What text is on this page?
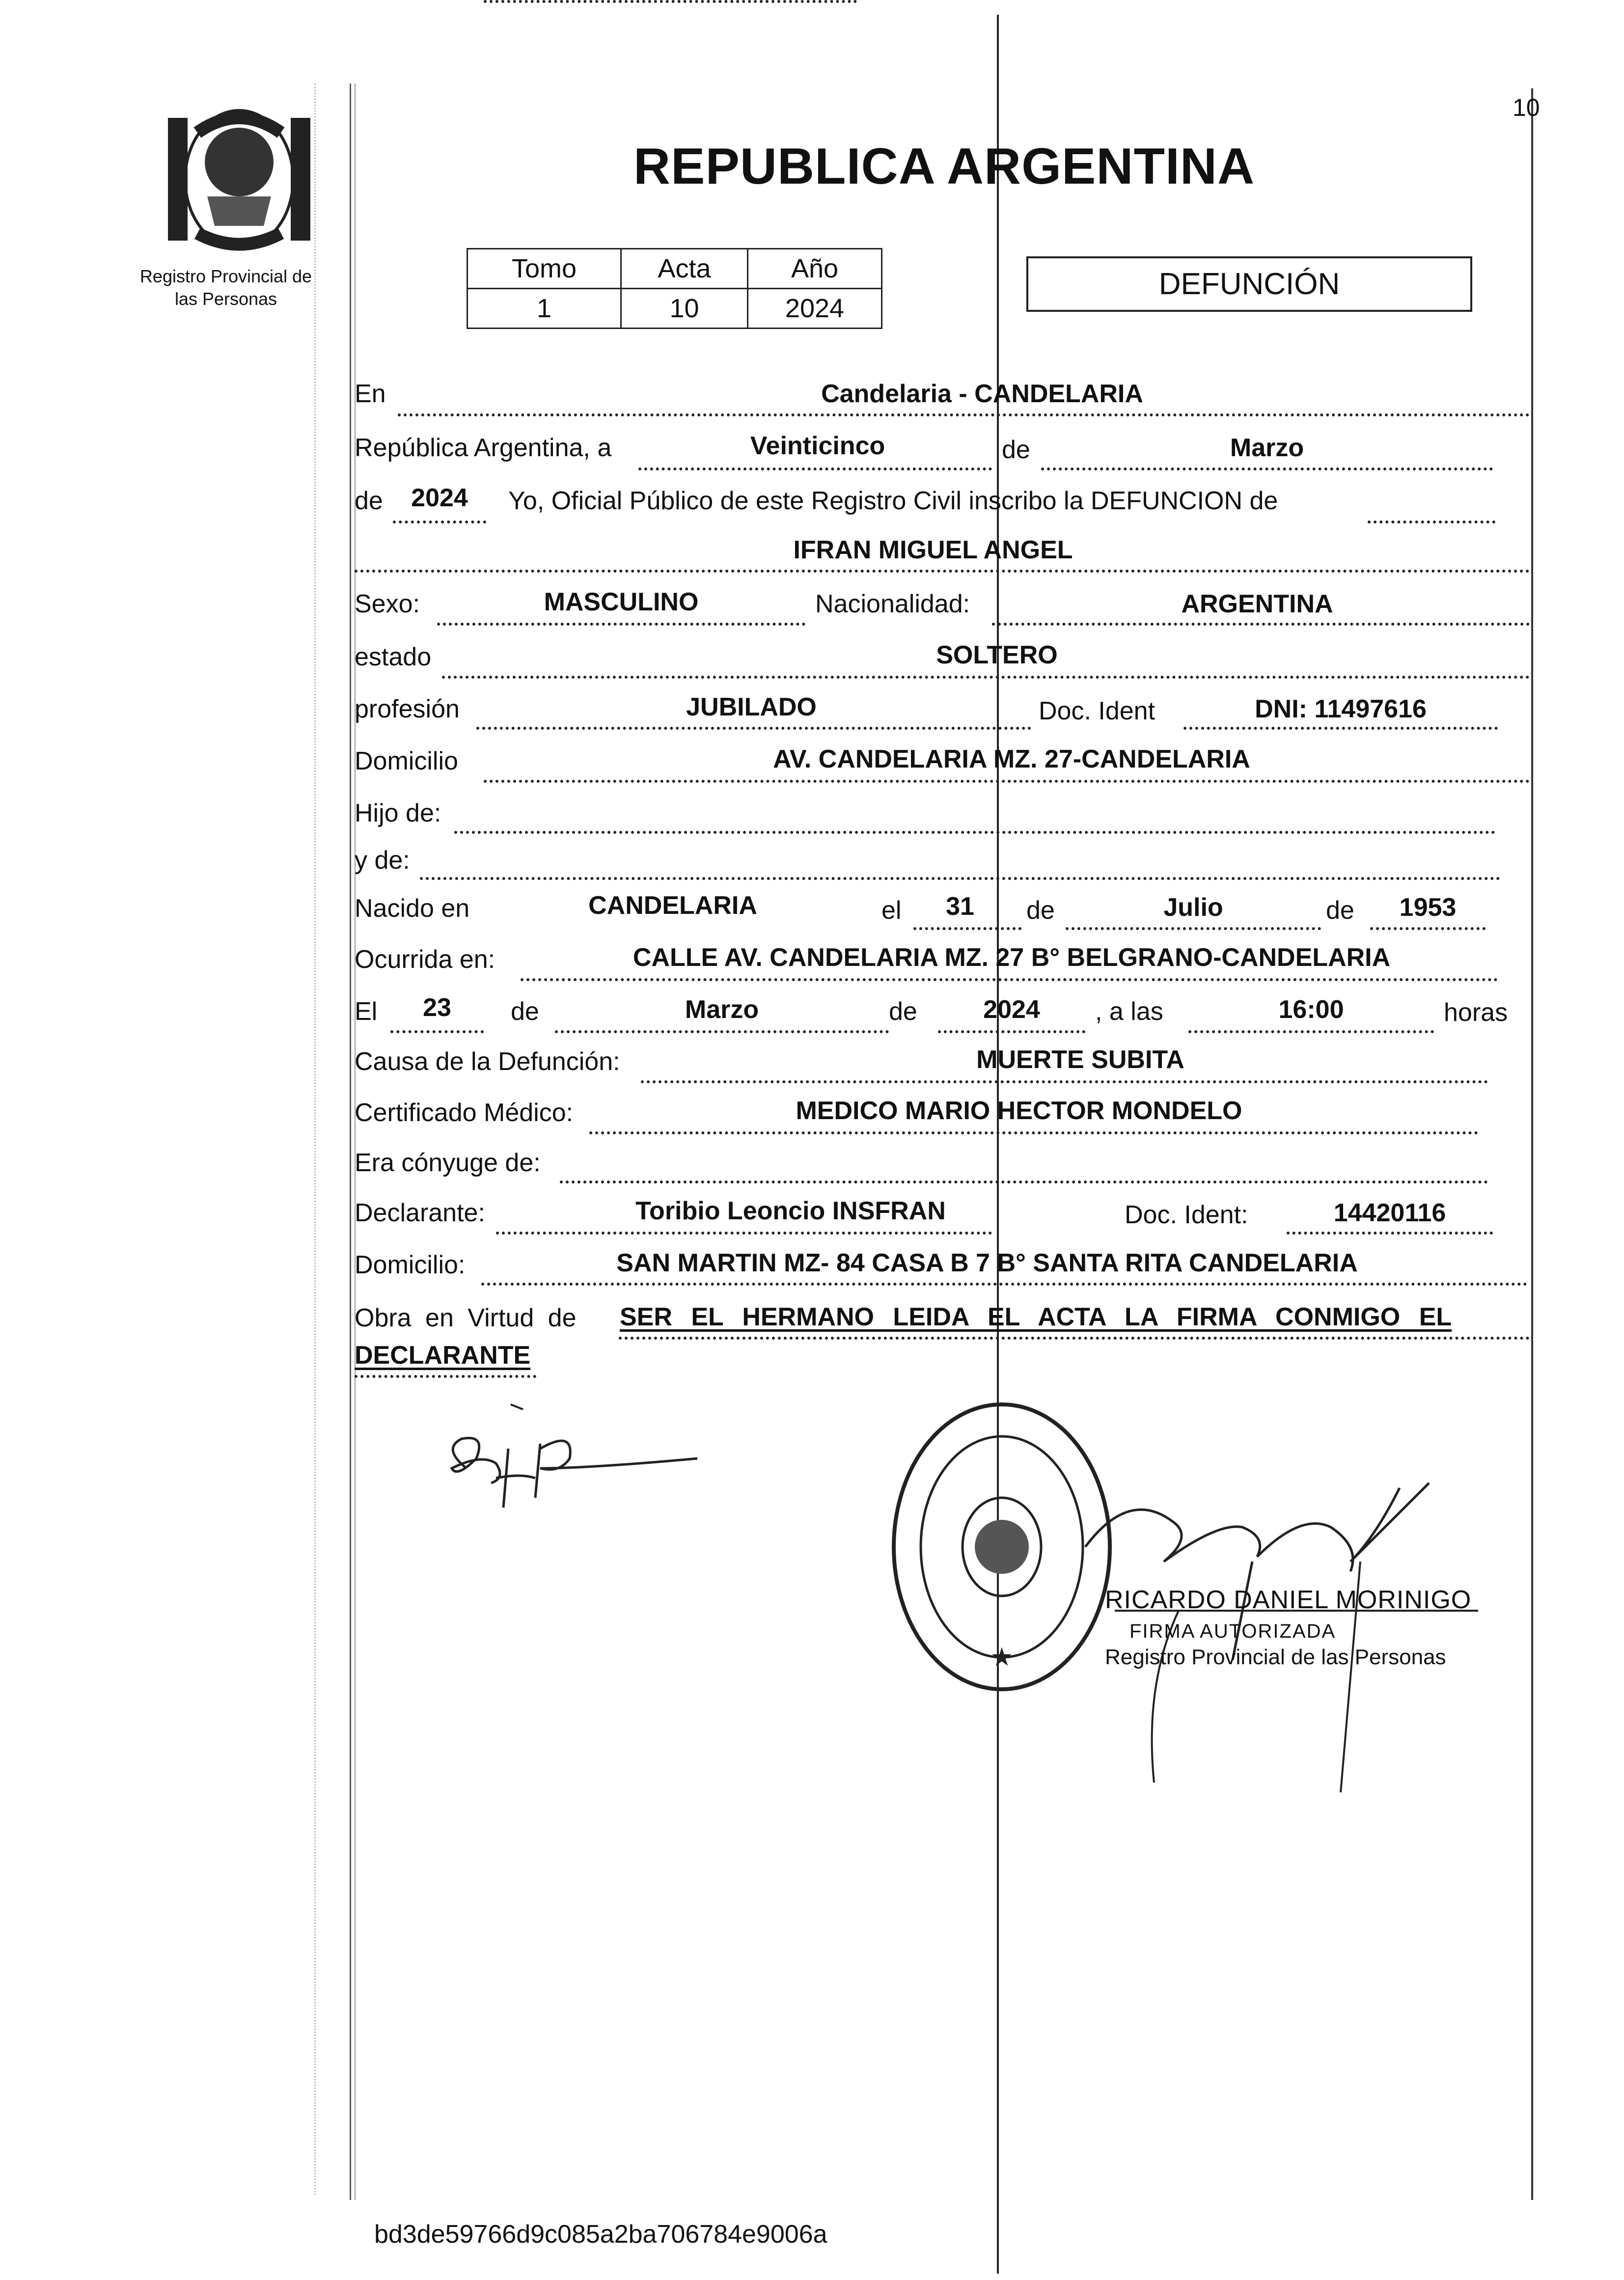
10
Registro Provincial de
las Personas
REPUBLICA ARGENTINA
Tomo	Acta	Año
1	10	2024
DEFUNCIÓN
En	Candelaria - CANDELARIA
República Argentina, a	Veinticinco	de	Marzo
de	2024	Yo, Oficial Público de este Registro Civil inscribo la DEFUNCION de
IFRAN MIGUEL ANGEL
Sexo:	MASCULINO	Nacionalidad:	ARGENTINA
estado	SOLTERO
profesión	JUBILADO	Doc. Ident	DNI: 11497616
Domicilio	AV. CANDELARIA MZ. 27-CANDELARIA
Hijo de:
y de:
Nacido en	CANDELARIA	el	31	de	Julio	de	1953
Ocurrida en:	CALLE AV. CANDELARIA MZ. 27 B° BELGRANO-CANDELARIA
El	23	de	Marzo	de	2024	, a las	16:00	horas
Causa de la Defunción:	MUERTE SUBITA
Certificado Médico:	MEDICO MARIO HECTOR MONDELO
Era cónyuge de:
Declarante:	Toribio Leoncio INSFRAN	Doc. Ident:	14420116
Domicilio:	SAN MARTIN MZ- 84 CASA B 7 B° SANTA RITA CANDELARIA
Obra en Virtud de SER EL HERMANO LEIDA EL ACTA LA FIRMA CONMIGO EL
DECLARANTE
★
RICARDO DANIEL MORINIGO
FIRMA AUTORIZADA
Registro Provincial de las Personas
bd3de59766d9c085a2ba706784e9006a
